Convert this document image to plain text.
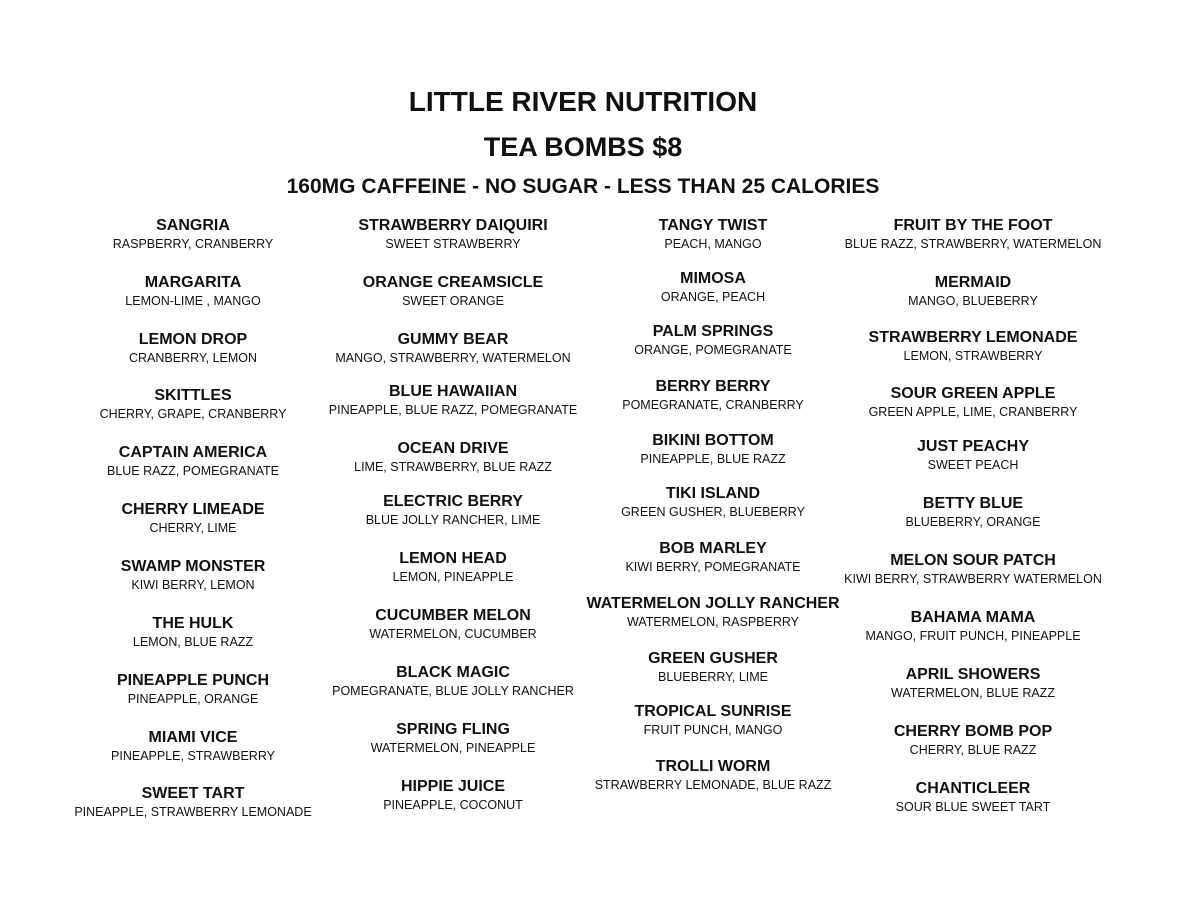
LITTLE RIVER NUTRITION
TEA BOMBS $8
160MG CAFFEINE - NO SUGAR - LESS THAN 25 CALORIES
SANGRIA
RASPBERRY, CRANBERRY
MARGARITA
LEMON-LIME , MANGO
LEMON DROP
CRANBERRY, LEMON
SKITTLES
CHERRY, GRAPE, CRANBERRY
CAPTAIN AMERICA
BLUE RAZZ, POMEGRANATE
CHERRY LIMEADE
CHERRY, LIME
SWAMP MONSTER
KIWI BERRY, LEMON
THE HULK
LEMON, BLUE RAZZ
PINEAPPLE PUNCH
PINEAPPLE, ORANGE
MIAMI VICE
PINEAPPLE, STRAWBERRY
SWEET TART
PINEAPPLE, STRAWBERRY LEMONADE
STRAWBERRY DAIQUIRI
SWEET STRAWBERRY
ORANGE CREAMSICLE
SWEET ORANGE
GUMMY BEAR
MANGO, STRAWBERRY, WATERMELON
BLUE HAWAIIAN
PINEAPPLE, BLUE RAZZ, POMEGRANATE
OCEAN DRIVE
LIME, STRAWBERRY, BLUE RAZZ
ELECTRIC BERRY
BLUE JOLLY RANCHER, LIME
LEMON HEAD
LEMON, PINEAPPLE
CUCUMBER MELON
WATERMELON, CUCUMBER
BLACK MAGIC
POMEGRANATE, BLUE JOLLY RANCHER
SPRING FLING
WATERMELON, PINEAPPLE
HIPPIE JUICE
PINEAPPLE, COCONUT
TANGY TWIST
PEACH, MANGO
MIMOSA
ORANGE, PEACH
PALM SPRINGS
ORANGE, POMEGRANATE
BERRY BERRY
POMEGRANATE, CRANBERRY
BIKINI BOTTOM
PINEAPPLE, BLUE RAZZ
TIKI ISLAND
GREEN GUSHER, BLUEBERRY
BOB MARLEY
KIWI BERRY, POMEGRANATE
WATERMELON JOLLY RANCHER
WATERMELON, RASPBERRY
GREEN GUSHER
BLUEBERRY, LIME
TROPICAL SUNRISE
FRUIT PUNCH, MANGO
TROLLI WORM
STRAWBERRY LEMONADE, BLUE RAZZ
FRUIT BY THE FOOT
BLUE RAZZ, STRAWBERRY, WATERMELON
MERMAID
MANGO, BLUEBERRY
STRAWBERRY LEMONADE
LEMON, STRAWBERRY
SOUR GREEN APPLE
GREEN APPLE, LIME, CRANBERRY
JUST PEACHY
SWEET PEACH
BETTY BLUE
BLUEBERRY, ORANGE
MELON SOUR PATCH
KIWI BERRY, STRAWBERRY WATERMELON
BAHAMA MAMA
MANGO, FRUIT PUNCH, PINEAPPLE
APRIL SHOWERS
WATERMELON, BLUE RAZZ
CHERRY BOMB POP
CHERRY, BLUE RAZZ
CHANTICLEER
SOUR BLUE SWEET TART
